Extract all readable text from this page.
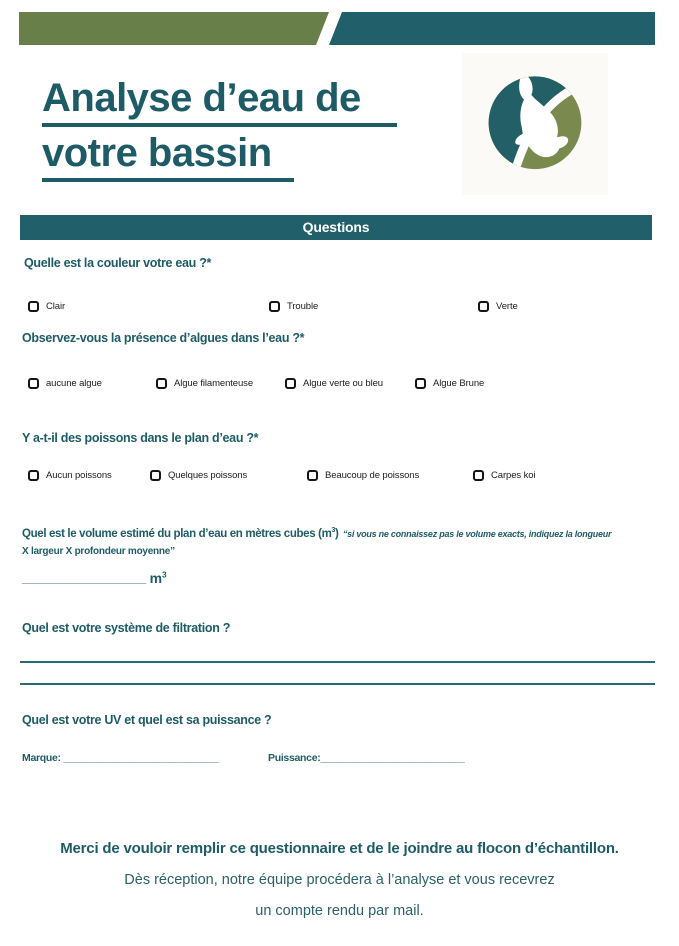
Analyse d’eau de
votre bassin
Questions
Quelle est la couleur votre eau ?*
Clair	Trouble	Verte
Observez-vous la présence d’algues dans l’eau ?*
aucune algue	Algue filamenteuse	Algue verte ou bleu	Algue Brune
Y a-t-il des poissons dans le plan d’eau ?*
Aucun poissons	Quelques poissons	Beaucoup de poissons	Carpes koi
Quel est le volume estimé du plan d’eau en mètres cubes $(m^3)$ “si vous ne connaissez pas le volume exacts, indiquez la longueur
X largeur X profondeur moyenne”
______________________ $m^3$
Quel est votre système de filtration ?
Quel est votre UV et quel est sa puissance ?
Marque: ____________________________	Puissance:__________________________
Merci de vouloir remplir ce questionnaire et de le joindre au flocon d’échantillon.
Dès réception, notre équipe procédera à l’analyse et vous recevrez
un compte rendu par mail.
